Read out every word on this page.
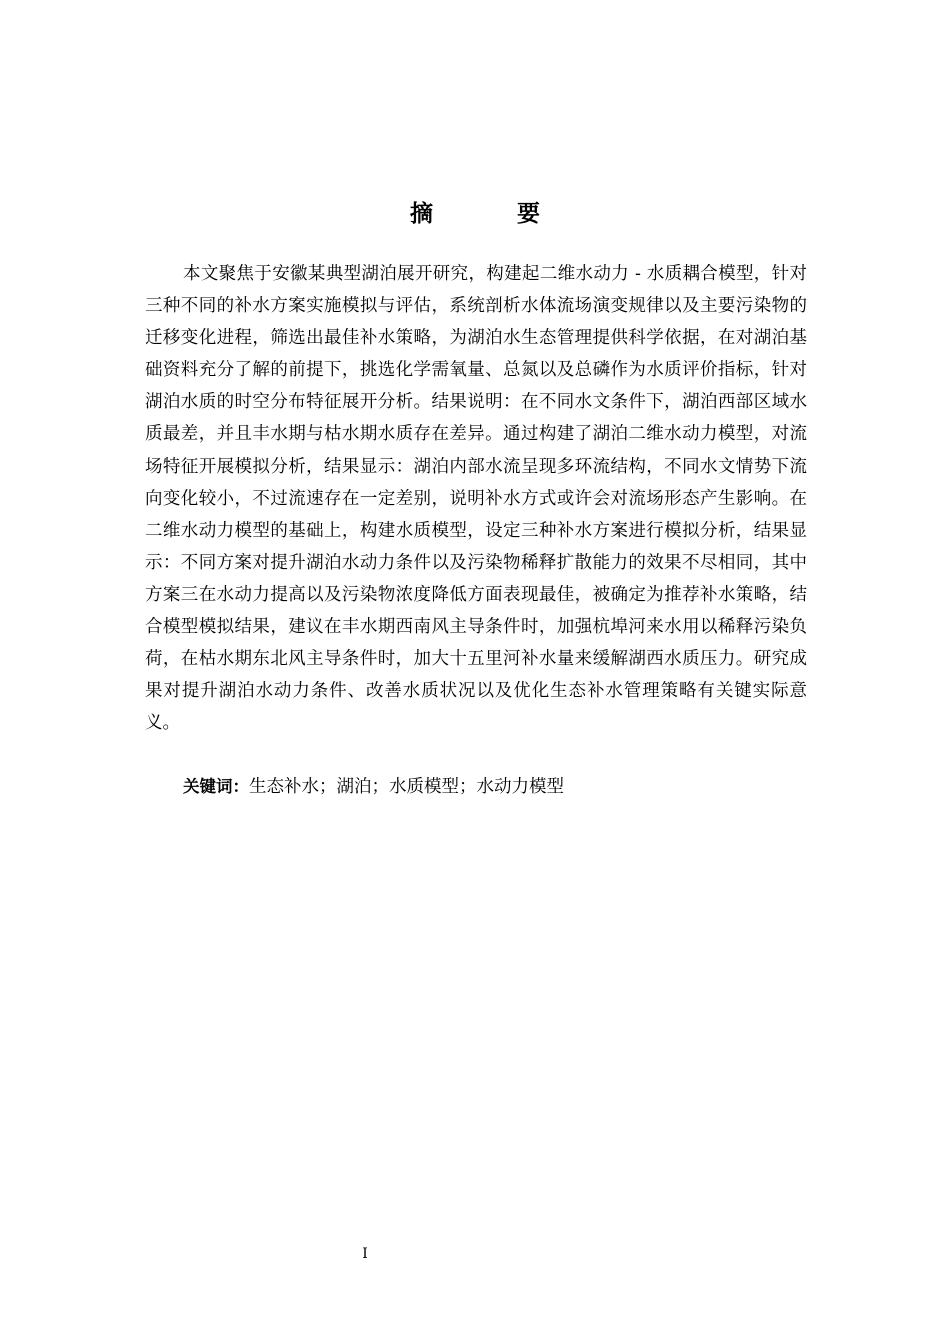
摘 要

本文聚焦于安徽某典型湖泊展开研究，构建起二维水动力 - 水质耦合模型，针对三种不同的补水方案实施模拟与评估，系统剖析水体流场演变规律以及主要污染物的迁移变化进程，筛选出最佳补水策略，为湖泊水生态管理提供科学依据，在对湖泊基础资料充分了解的前提下，挑选化学需氧量、总氮以及总磷作为水质评价指标，针对湖泊水质的时空分布特征展开分析。结果说明：在不同水文条件下，湖泊西部区域水质最差，并且丰水期与枯水期水质存在差异。通过构建了湖泊二维水动力模型，对流场特征开展模拟分析，结果显示：湖泊内部水流呈现多环流结构，不同水文情势下流向变化较小，不过流速存在一定差别，说明补水方式或许会对流场形态产生影响。在二维水动力模型的基础上，构建水质模型，设定三种补水方案进行模拟分析，结果显示：不同方案对提升湖泊水动力条件以及污染物稀释扩散能力的效果不尽相同，其中方案三在水动力提高以及污染物浓度降低方面表现最佳，被确定为推荐补水策略，结合模型模拟结果，建议在丰水期西南风主导条件时，加强杭埠河来水用以稀释污染负荷，在枯水期东北风主导条件时，加大十五里河补水量来缓解湖西水质压力。研究成果对提升湖泊水动力条件、改善水质状况以及优化生态补水管理策略有关键实际意义。

关键词：生态补水；湖泊；水质模型；水动力模型
I
